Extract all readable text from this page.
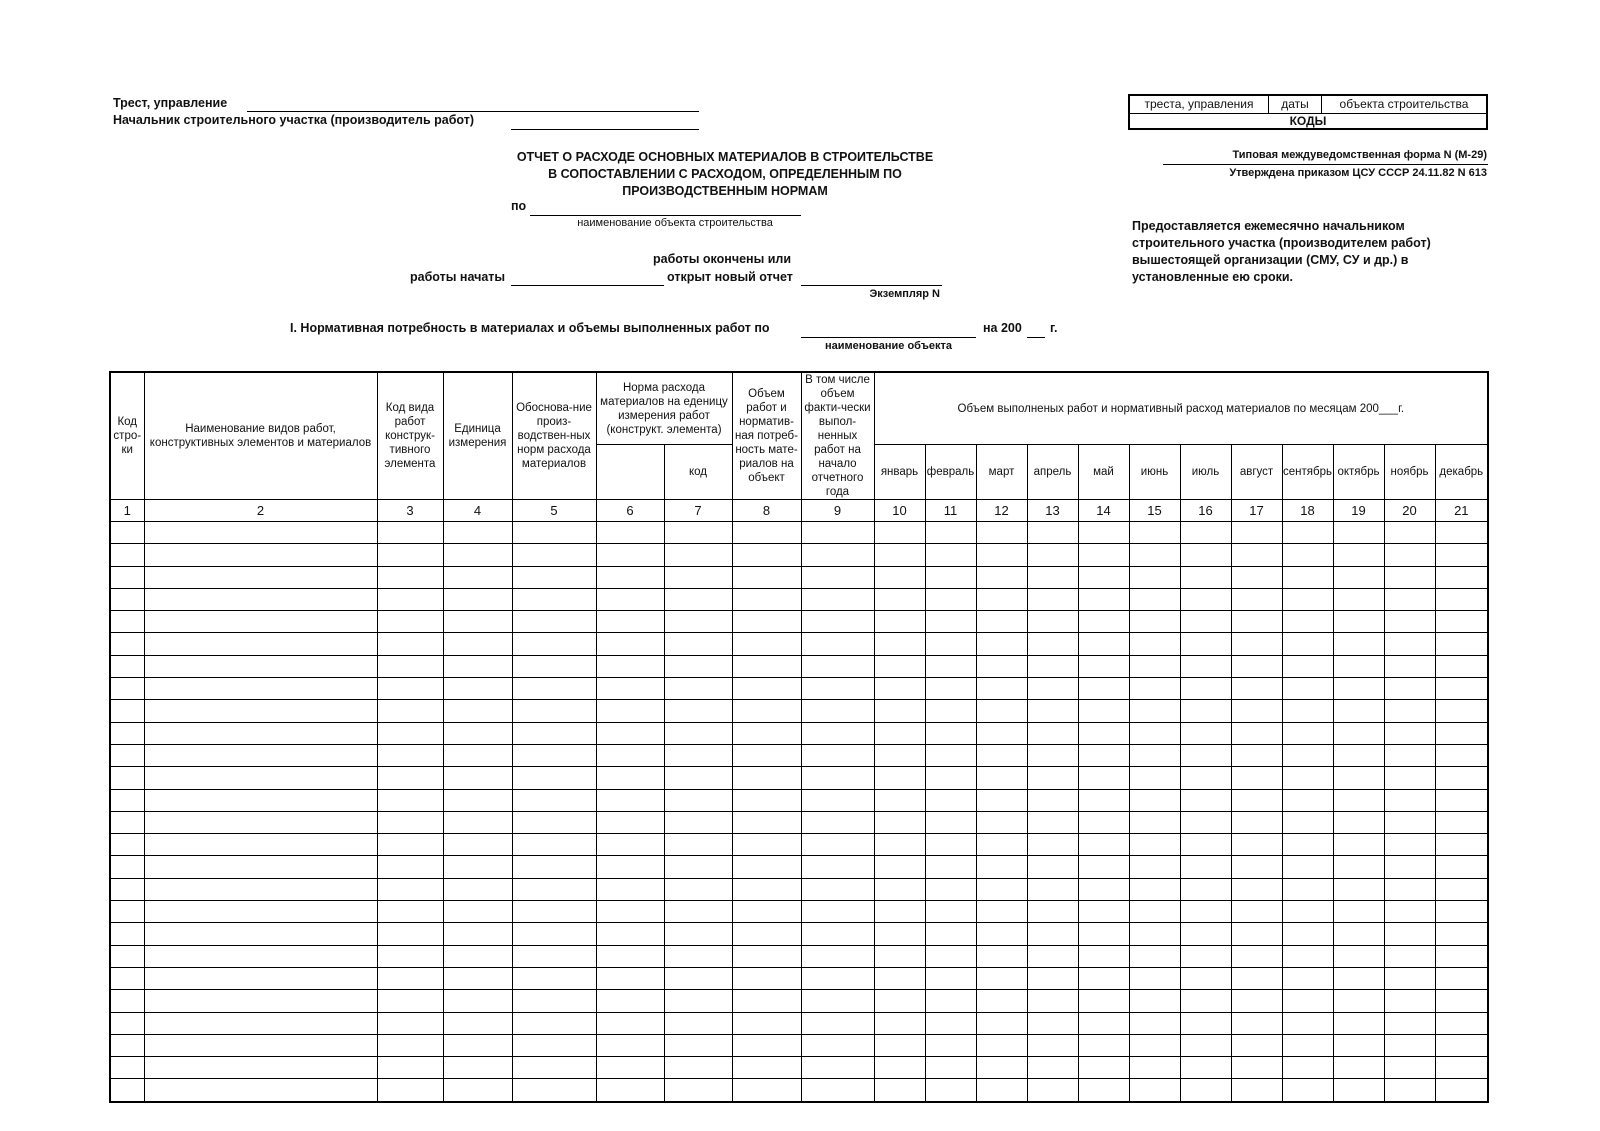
Трест, управление
Начальник строительного участка (производитель работ)
треста, управления	даты	объекта строительства
КОДЫ
Типовая междуведомственная форма N (М-29)
Утверждена приказом ЦСУ СССР 24.11.82 N 613
ОТЧЕТ О РАСХОДЕ ОСНОВНЫХ МАТЕРИАЛОВ В СТРОИТЕЛЬСТВЕ
В СОПОСТАВЛЕНИИ С РАСХОДОМ, ОПРЕДЕЛЕННЫМ ПО
ПРОИЗВОДСТВЕННЫМ НОРМАМ
по
наименование объекта строительства	Предоставляется ежемесячно начальником строительного участка (производителем работ) вышестоящей организации (СМУ, СУ и др.) в установленные ею сроки.
работы окончены или
работы начаты	открыт новый отчет
Экземпляр N
I. Нормативная потребность в материалах и объемы выполненных работ по	на 200 г.
наименование объекта
Код стро-ки	Наименование видов работ, конструктивных элементов и материалов	Код вида работ конструк-тивного элемента	Единица измерения	Обоснова-ние произ-водствен-ных норм расхода материалов	Норма расхода материалов на еденицу измерения работ (конструкт. элемента)		Объем работ и норматив-ная потреб-ность мате-риалов на объект	В том числе объем факти-чески выпол-ненных работ на начало отчетного года	Объем выполненых работ и нормативный расход материалов по месяцам 200___г.											
						код			январь	февраль	март	апрель	май	июнь	июль	август	сентябрь	октябрь	ноябрь	декабрь
1	2	3	4	5	6	7	8	9	10	11	12	13	14	15	16	17	18	19	20	21
